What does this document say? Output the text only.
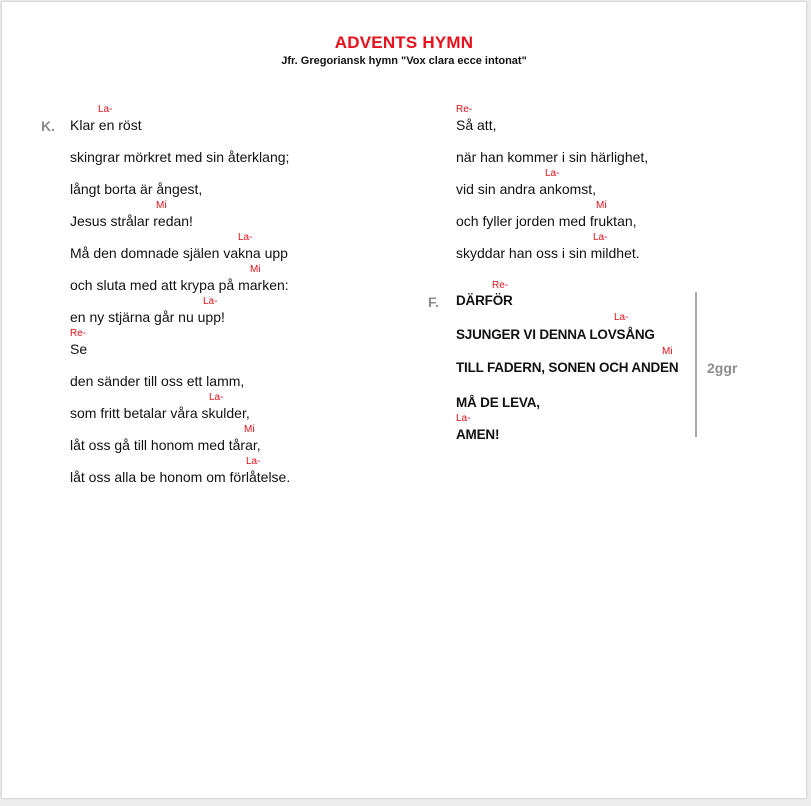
ADVENTS HYMN
Jfr. Gregoriansk hymn "Vox clara ecce intonat"
K.
La-
Klar en röst
skingrar mörkret med sin återklang;
långt borta är ångest,
Mi
Jesus strålar redan!
La-
Må den domnade själen vakna upp
Mi
och sluta med att krypa på marken:
La-
en ny stjärna går nu upp!
Re-
Se
den sänder till oss ett lamm,
La-
som fritt betalar våra skulder,
Mi
låt oss gå till honom med tårar,
La-
låt oss alla be honom om förlåtelse.
Re-
Så att,
när han kommer i sin härlighet,
La-
vid sin andra ankomst,
Mi
och fyller jorden med fruktan,
La-
skyddar han oss i sin mildhet.
F.
Re-
DÄRFÖR
La-
SJUNGER VI DENNA LOVSÅNG
Mi
TILL FADERN, SONEN OCH ANDEN
MÅ DE LEVA,
La-
AMEN!
2ggr
